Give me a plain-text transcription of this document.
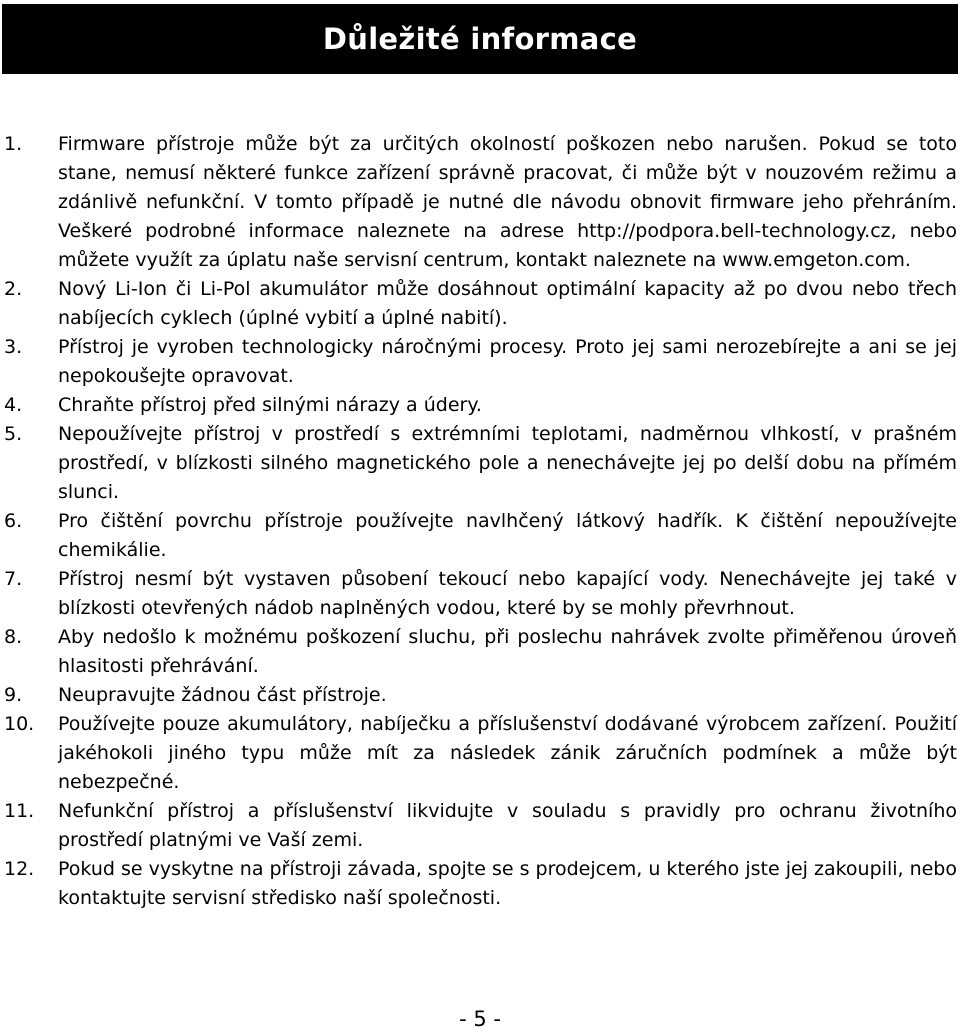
Důležité informace
1.	Firmware přístroje může být za určitých okolností poškozen nebo narušen. Pokud se toto stane, nemusí některé funkce zařízení správně pracovat, či může být v nouzovém režimu a zdánlivě nefunkční. V tomto případě je nutné dle návodu obnovit firmware jeho přehráním. Veškeré podrobné informace naleznete na adrese http://podpora.bell-technology.cz, nebo můžete využít za úplatu naše servisní centrum, kontakt naleznete na www.emgeton.com.
2.	Nový Li-Ion či Li-Pol akumulátor může dosáhnout optimální kapacity až po dvou nebo třech nabíjecích cyklech (úplné vybití a úplné nabití).
3.	Přístroj je vyroben technologicky náročnými procesy. Proto jej sami nerozebírejte a ani se jej nepokoušejte opravovat.
4.	Chraňte přístroj před silnými nárazy a údery.
5.	Nepoužívejte přístroj v prostředí s extrémními teplotami, nadměrnou vlhkostí, v prašném prostředí, v blízkosti silného magnetického pole a nenechávejte jej po delší dobu na přímém slunci.
6.	Pro čištění povrchu přístroje používejte navlhčený látkový hadřík. K čištění nepoužívejte chemikálie.
7.	Přístroj nesmí být vystaven působení tekoucí nebo kapající vody. Nenechávejte jej také v blízkosti otevřených nádob naplněných vodou, které by se mohly převrhnout.
8.	Aby nedošlo k možnému poškození sluchu, při poslechu nahrávek zvolte přiměřenou úroveň hlasitosti přehrávání.
9.	Neupravujte žádnou část přístroje.
10.	Používejte pouze akumulátory, nabíječku a příslušenství dodávané výrobcem zařízení. Použití jakéhokoli jiného typu může mít za následek zánik záručních podmínek a může být nebezpečné.
11.	Nefunkční přístroj a příslušenství likvidujte v souladu s pravidly pro ochranu životního prostředí platnými ve Vaší zemi.
12.	Pokud se vyskytne na přístroji závada, spojte se s prodejcem, u kterého jste jej zakoupili, nebo kontaktujte servisní středisko naší společnosti.
- 5 -
